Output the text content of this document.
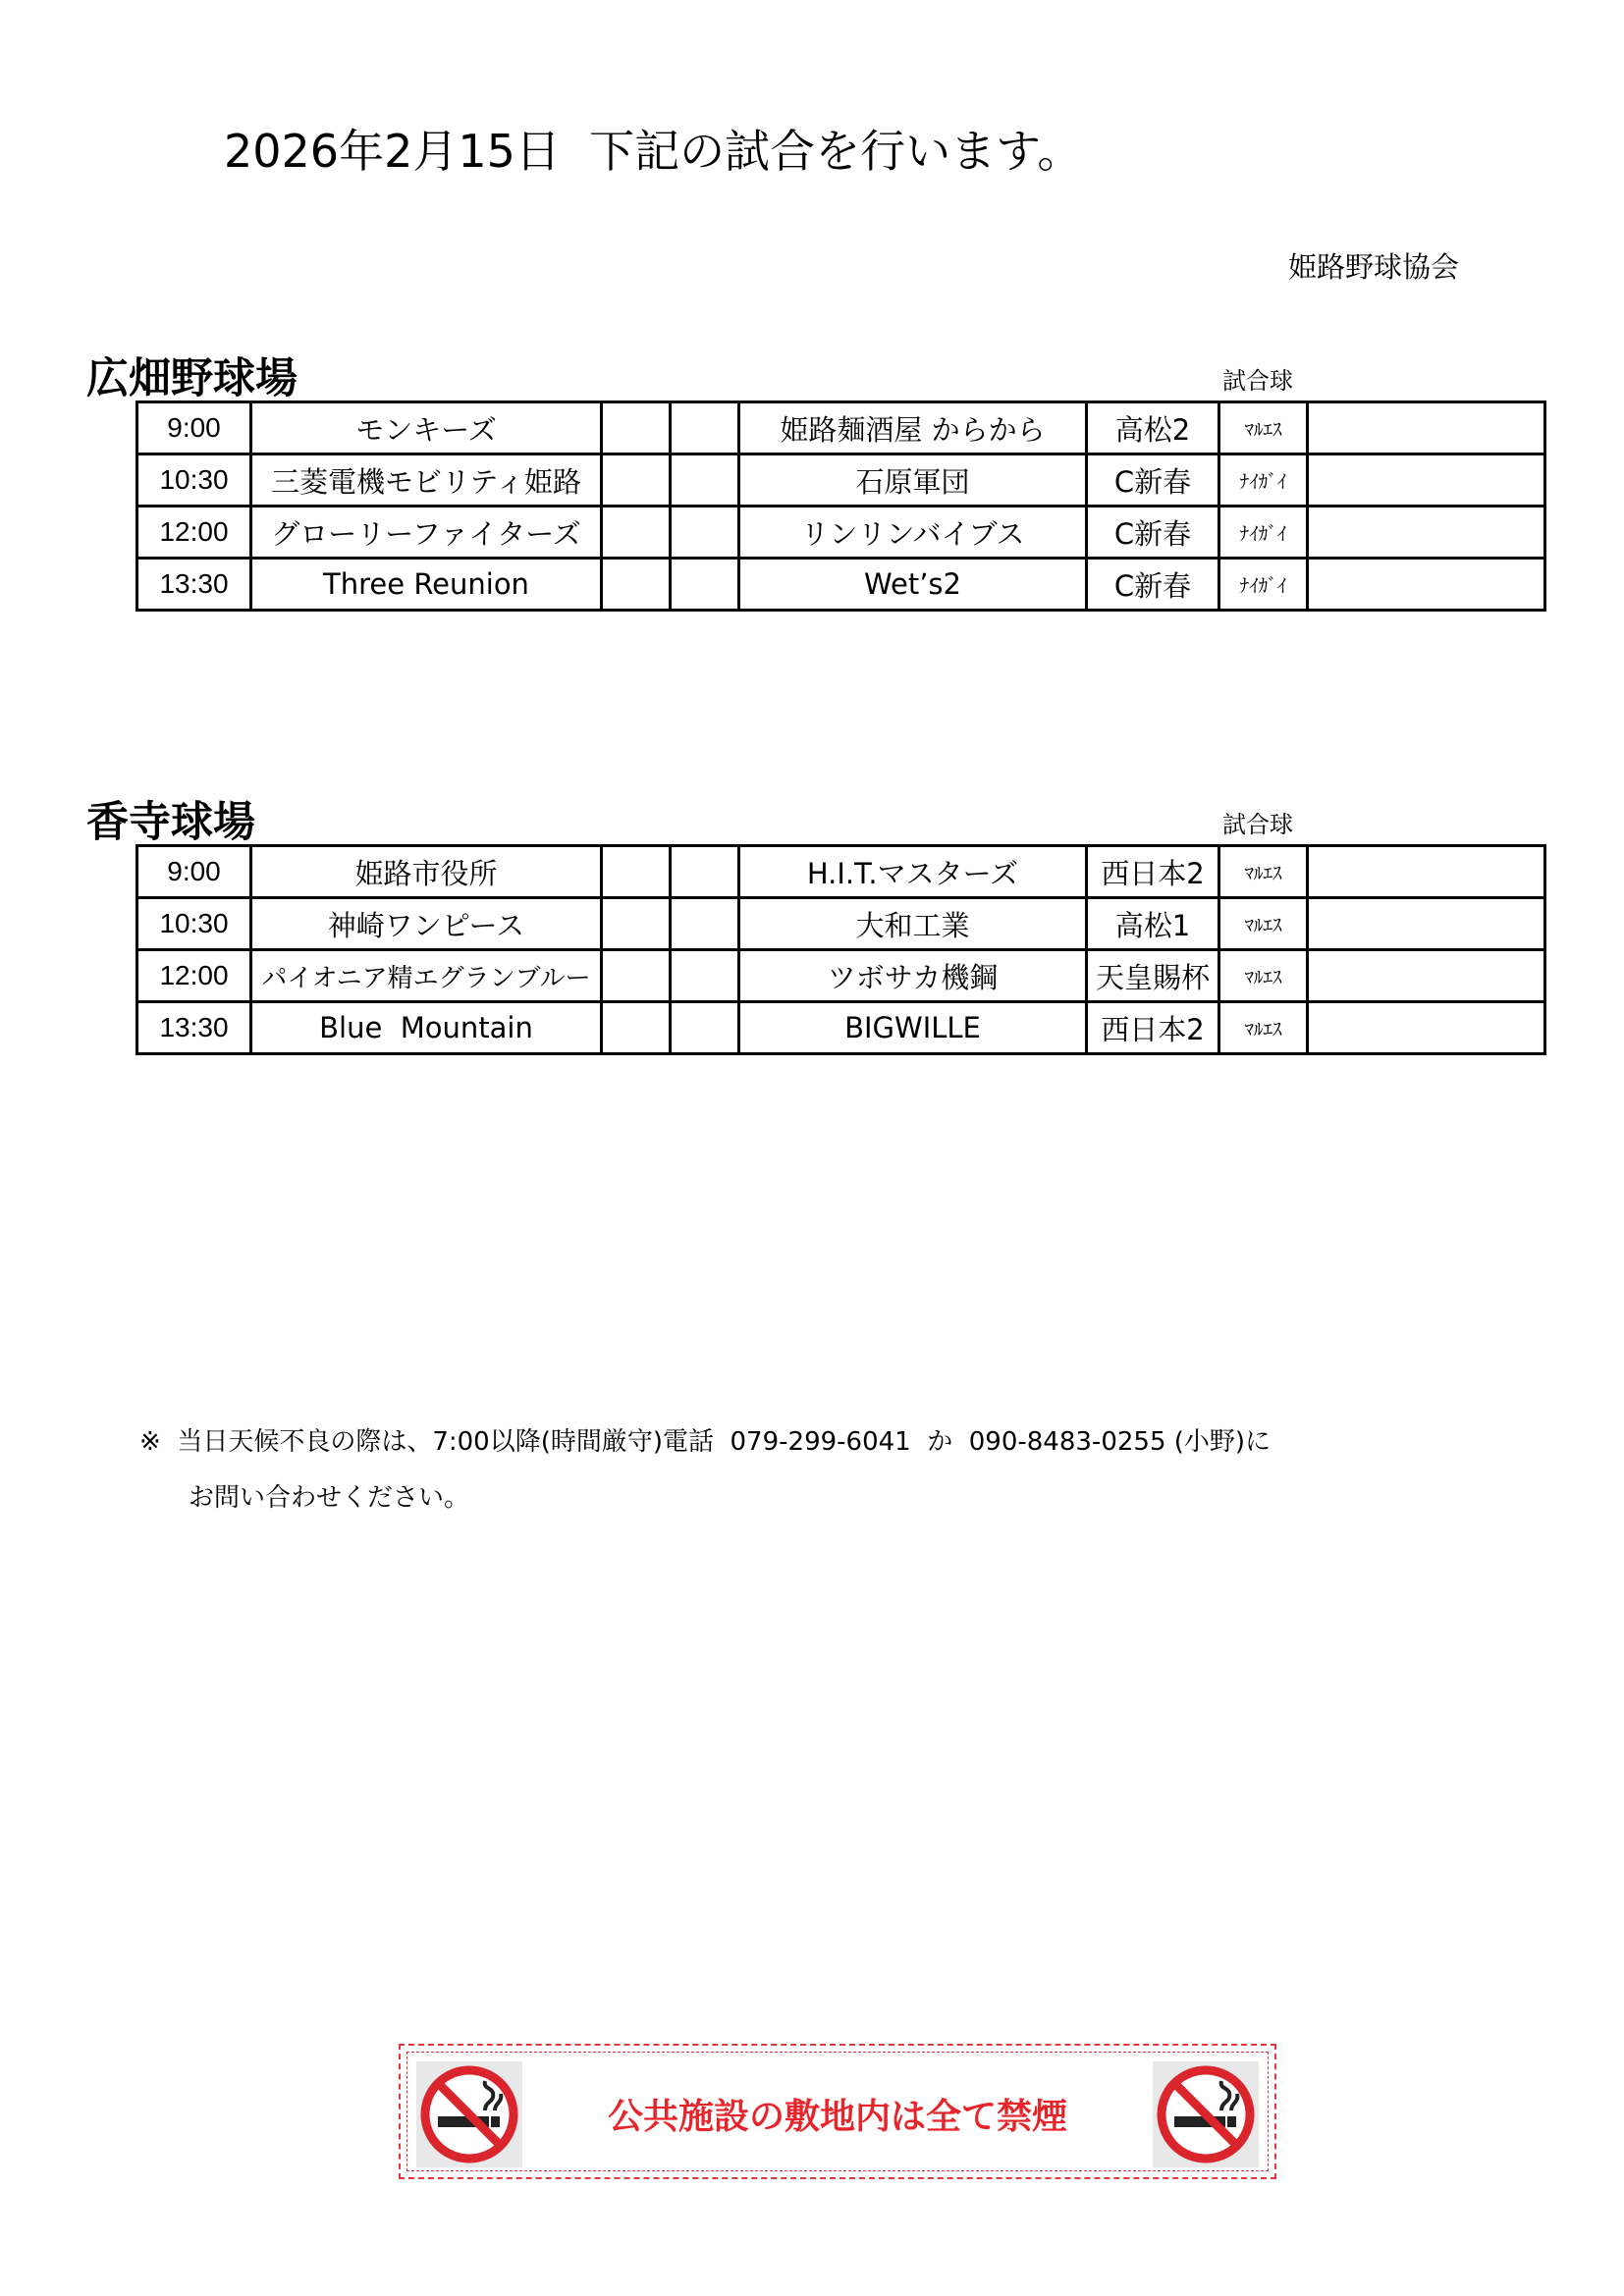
2026年2月15日  下記の試合を行います。
姫路野球協会
広畑野球場	試合球
9:00	モンキーズ			姫路麺酒屋 からから	高松2	ﾏﾙｴｽ	
10:30	三菱電機モビリティ姫路			石原軍団	C新春	ﾅｲｶﾞｲ	
12:00	グローリーファイターズ			リンリンバイブス	C新春	ﾅｲｶﾞｲ	
13:30	Three Reunion			Wet’s2	C新春	ﾅｲｶﾞｲ	
香寺球場	試合球
9:00	姫路市役所			H.I.T.マスターズ	西日本2	ﾏﾙｴｽ	
10:30	神崎ワンピース			大和工業	高松1	ﾏﾙｴｽ	
12:00	パイオニア精エグランブルー			ツボサカ機鋼	天皇賜杯	ﾏﾙｴｽ	
13:30	Blue  Mountain			BIGWILLE	西日本2	ﾏﾙｴｽ	
※  当日天候不良の際は、7:00以降(時間厳守)電話  079-299-6041  か  090-8483-0255 (小野)に
お問い合わせください。
公共施設の敷地内は全て禁煙
